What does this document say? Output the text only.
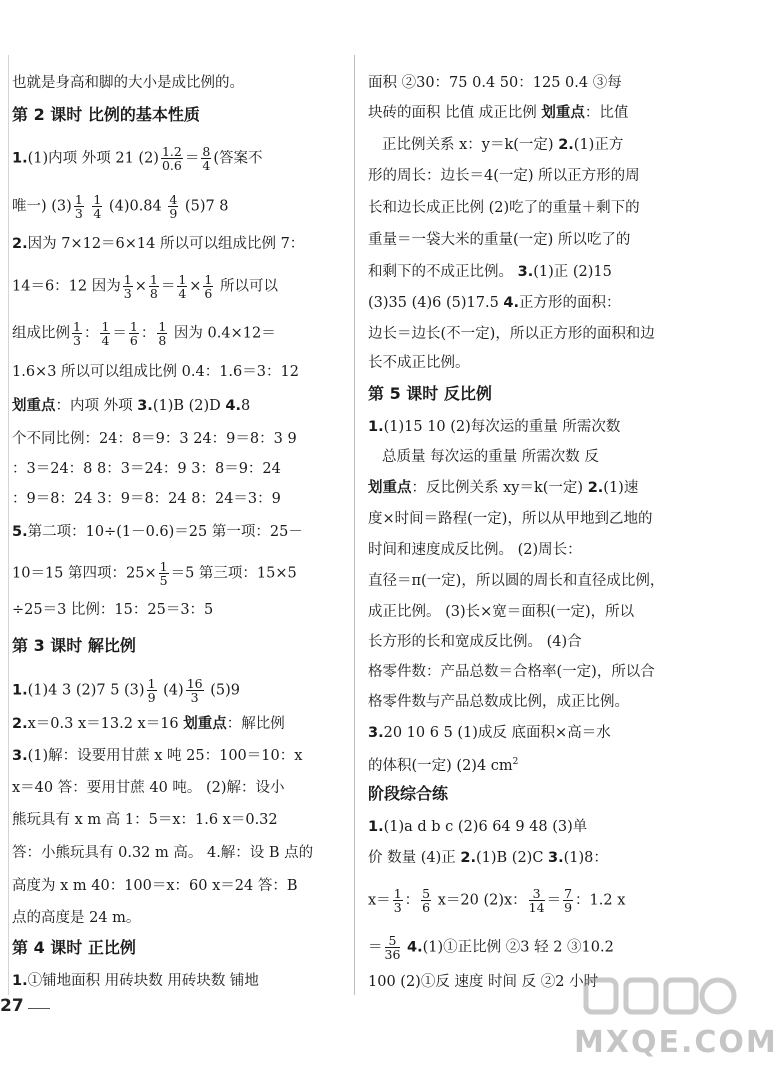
也就是身高和脚的大小是成比例的。
第 2 课时 比例的基本性质
1.(1)内项 外项 21 $(2) \frac{1.2}{0.6} = \frac{8}{4}$ (答案不
唯一) $(3) \frac{1}{3}$
$\frac{1}{4} (4)0.84 \frac{4}{9} (5)7$ 8
2.因为 7×12＝6×14 所以可以组成比例 7：
14＝6：12 因为 $\frac{1}{3} \times \frac{1}{8} = \frac{1}{4} \times \frac{1}{6}$ 所以可以
组成比例 $\frac{1}{3}$ ： $\frac{1}{4} = \frac{1}{6}$ ： $\frac{1}{8}$ 因为 0.4×12＝
1.6×3 所以可以组成比例 0.4：1.6＝3：12
划重点：内项 外项 3.(1)B (2)D 4.8
个不同比例：24：8＝9：3 24：9＝8：3 9
：3＝24：8 8：3＝24：9 3：8＝9：24
：9＝8：24 3：9＝8：24 8：24＝3：9
5.第二项：10÷(1－0.6)＝25 第一项：25－
10＝15 第四项：$25\times \frac{1}{5} =5$ 第三项：15×5
÷25＝3 比例：15：25＝3：5
第 3 课时 解比例
1.(1)4 3 (2)7 5 $(3) \frac{1}{9} (4) \frac{16}{3} (5)9$
2.x＝0.3 x＝13.2 x＝16 划重点：解比例
3.(1)解：设要用甘蔗 x 吨 25：100＝10：x
x＝40 答：要用甘蔗 40 吨。 (2)解：设小
熊玩具有 x m 高 1：5＝x：1.6 x＝0.32
答：小熊玩具有 0.32 m 高。 4.解：设 B 点的
高度为 x m 40：100＝x：60 x＝24 答：B
点的高度是 24 m。
第 4 课时 正比例
1.①铺地面积 用砖块数 用砖块数 铺地
面积 ②30：75 0.4 50：125 0.4 ③每
块砖的面积 比值 成正比例 划重点：比值
正比例关系 x：y＝k(一定) 2.(1)正方
形的周长：边长＝4(一定) 所以正方形的周
长和边长成正比例 (2)吃了的重量＋剩下的
重量＝一袋大米的重量(一定) 所以吃了的
和剩下的不成正比例。 3.(1)正 (2)15
(3)35 (4)6 (5)17.5 4.正方形的面积：
边长＝边长(不一定)，所以正方形的面积和边
长不成正比例。
第 5 课时 反比例
1.(1)15 10 (2)每次运的重量 所需次数
总质量 每次运的重量 所需次数 反
划重点：反比例关系 xy＝k(一定) 2.(1)速
度×时间＝路程(一定)，所以从甲地到乙地的
时间和速度成反比例。 (2)周长：
直径＝π(一定)，所以圆的周长和直径成比例，
成正比例。 (3)长×宽＝面积(一定)，所以
长方形的长和宽成反比例。 (4)合
格零件数：产品总数＝合格率(一定)，所以合
格零件数与产品总数成比例，成正比例。
3.20 10 6 5 (1)成反 底面积×高＝水
的体积(一定) (2)4 $cm^2$
阶段综合练
1.(1)a d b c (2)6 64 9 48 (3)单
价 数量 (4)正 2.(1)B (2)C 3.(1)8：
$x= \frac{1}{3}$ ： $\frac{5}{6} x=20$ (2)x： $\frac{3}{14} = \frac{7}{9}$ ：1.2 x
＝ $\frac{5}{36}$ 4.(1)①正比例 ②3 轻 2 ③10.2
100 (2)①反 速度 时间 反 ②2 小时
27
MXQE.COM
